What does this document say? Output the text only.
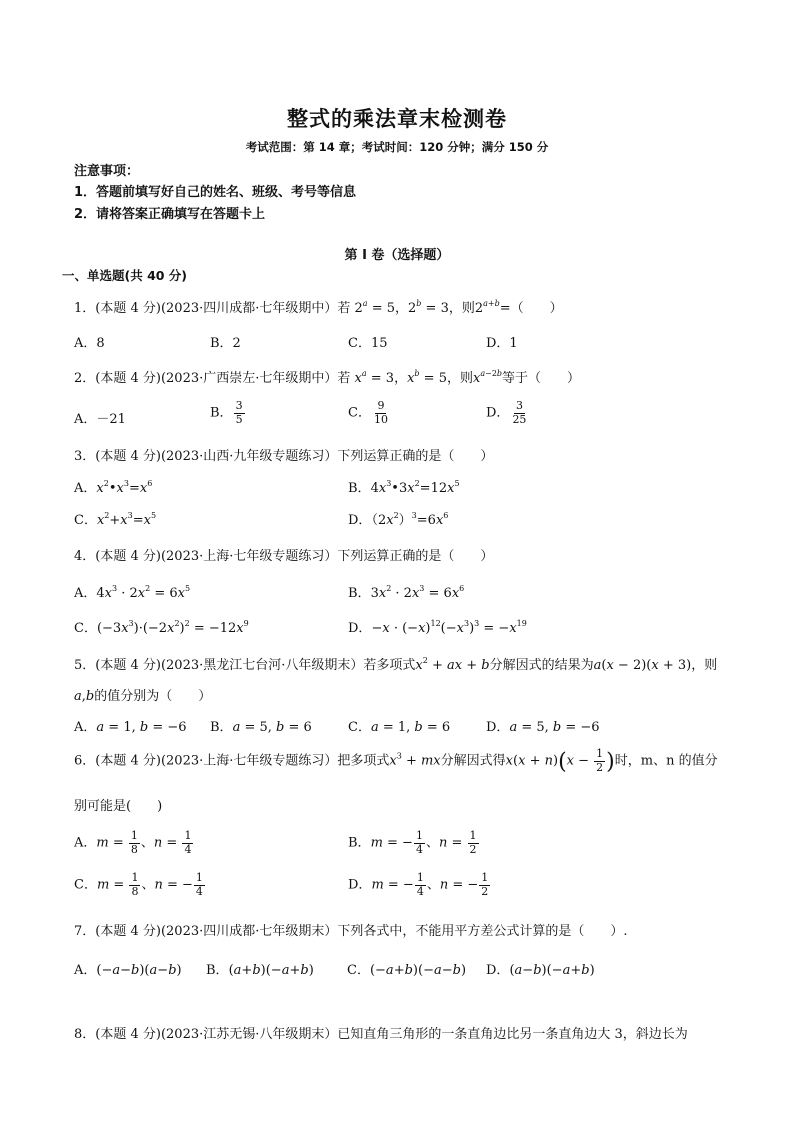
整式的乘法章末检测卷
考试范围：第 14 章；考试时间：120 分钟；满分 150 分
注意事项：
1．答题前填写好自己的姓名、班级、考号等信息
2．请将答案正确填写在答题卡上
第 I 卷（选择题）
一、单选题(共 40 分)
1．(本题 4 分)(2023·四川成都·七年级期中）若 $2^a = 5$，$2^b = 3$，则$2^{a+b}=$（　　）
A．8	B．2	C．15	D．1
2．(本题 4 分)(2023·广西崇左·七年级期中）若 $x^a = 3$，$x^b = 5$，则$x^{a-2b}$等于（　　）
A．－21	B． $\frac{3}{5}$	C． $\frac{9}{10}$	D． $\frac{3}{25}$
3．(本题 4 分)(2023·山西·九年级专题练习）下列运算正确的是（　　）
A．$x^2•x^3=x^6$	B．$4x^3•3x^2=12x^5$
C．$x^2+x^3=x^5$	D．$(2x^2)^3=6x^6$
4．(本题 4 分)(2023·上海·七年级专题练习）下列运算正确的是（　　）
A．$4x^3 \cdot 2x^2 = 6x^5$	B．$3x^2 \cdot 2x^3 = 6x^6$
C．$(-3x^3)\cdot(-2x^2)^2 = -12x^9$	D．$-x \cdot (-x)^{12}(-x^3)^3 = -x^{19}$
5．(本题 4 分)(2023·黑龙江七台河·八年级期末）若多项式$x^2$ + ax + b分解因式的结果为a(x − 2)(x + 3)，则
a,b的值分别为（　　）
A．a = 1, b = −6 B．a = 5, b = 6	C．a = 1, b = 6	D．a = 5, b = −6
6．(本题 4 分)(2023·上海·七年级专题练习）把多项式$x^3$ + mx分解因式得$x(x + n)(x - \frac{1}{2}$ )时，m、n 的值分
别可能是(　　)
A．$m = \frac{1}{8}$ 、$n = \frac{1}{4}$	B．m = − $\frac{1}{4}$ 、$n = \frac{1}{2}$
C．$m = \frac{1}{8}$ 、n = − $\frac{1}{4}$	D．m = − $\frac{1}{4}$ 、n = − $\frac{1}{2}$
7．(本题 4 分)(2023·四川成都·七年级期末）下列各式中，不能用平方差公式计算的是（　　）.
A．(−a−b)(a−b) B．(a+b)(−a+b)	C．(−a+b)(−a−b) D．(a−b)(−a+b)
8．(本题 4 分)(2023·江苏无锡·八年级期末）已知直角三角形的一条直角边比另一条直角边大 3，斜边长为
